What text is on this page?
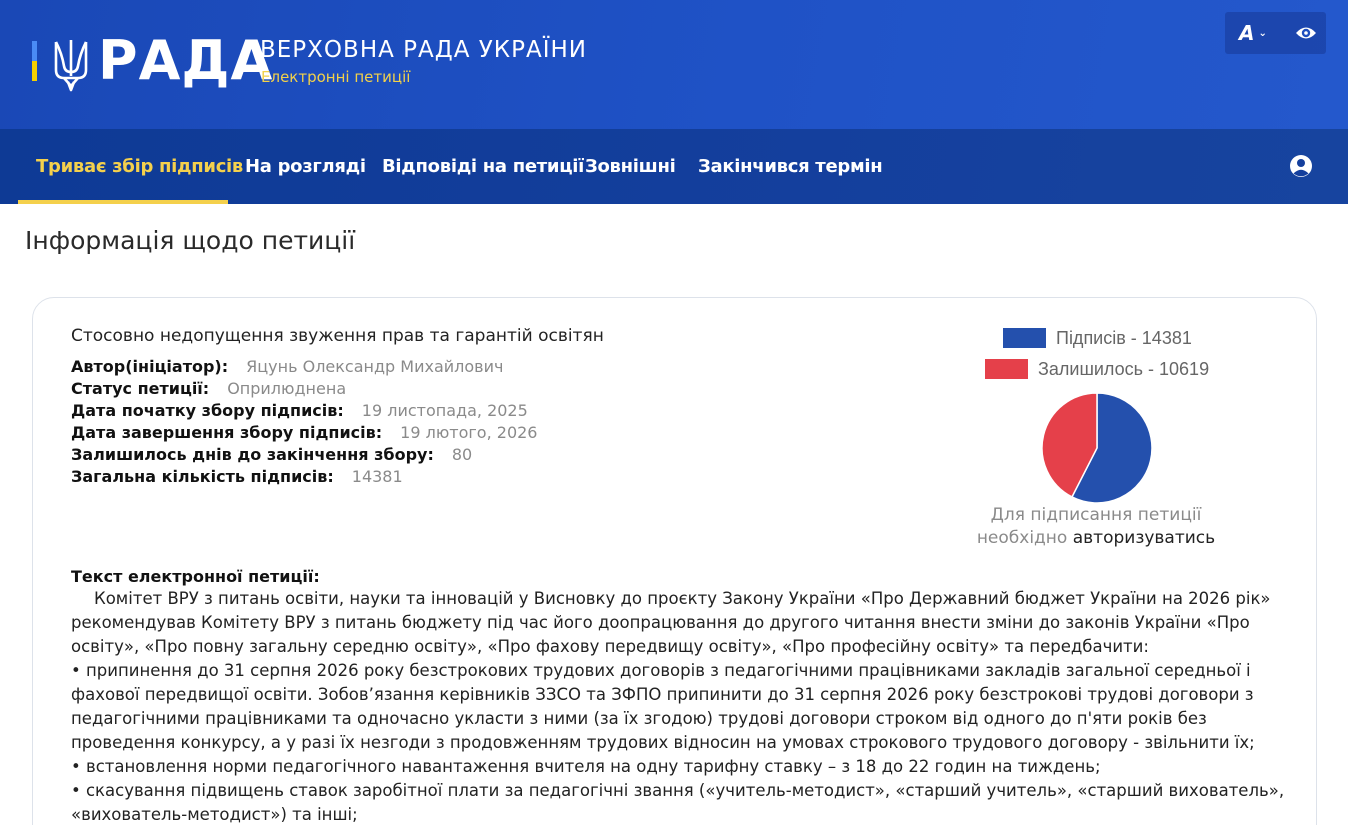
РАДА
ВЕРХОВНА РАДА УКРАЇНИ
Електронні петиції
A ⌄
Триває збір підписів На розгляді Відповіді на петиції Зовнішні Закінчився термін
Інформація щодо петиції
Стосовно недопущення звуження прав та гарантій освітян
Автор(ініціатор): Яцунь Олександр Михайлович
Статус петиції: Оприлюднена
Дата початку збору підписів: 19 листопада, 2025
Дата завершення збору підписів: 19 лютого, 2026
Залишилось днів до закінчення збору: 80
Загальна кількість підписів: 14381
Підписів - 14381
Залишилось - 10619
Для підписання петиції необхідно авторизуватись
Текст електронної петиції:

Комітет ВРУ з питань освіти, науки та інновацій у Висновку до проєкту Закону України «Про Державний бюджет України на 2026 рік» рекомендував Комітету ВРУ з питань бюджету під час його доопрацювання до другого читання внести зміни до законів України «Про освіту», «Про повну загальну середню освіту», «Про фахову передвищу освіту», «Про професійну освіту» та передбачити:

• припинення до 31 серпня 2026 року безстрокових трудових договорів з педагогічними працівниками закладів загальної середньої і фахової передвищої освіти. Зобов’язання керівників ЗЗСО та ЗФПО припинити до 31 серпня 2026 року безстрокові трудові договори з педагогічними працівниками та одночасно укласти з ними (за їх згодою) трудові договори строком від одного до п'яти років без проведення конкурсу, а у разі їх незгоди з продовженням трудових відносин на умовах строкового трудового договору - звільнити їх;

• встановлення норми педагогічного навантаження вчителя на одну тарифну ставку – з 18 до 22 годин на тиждень;

• скасування підвищень ставок заробітної плати за педагогічні звання («учитель-методист», «старший учитель», «старший вихователь», «вихователь-методист») та інші;
